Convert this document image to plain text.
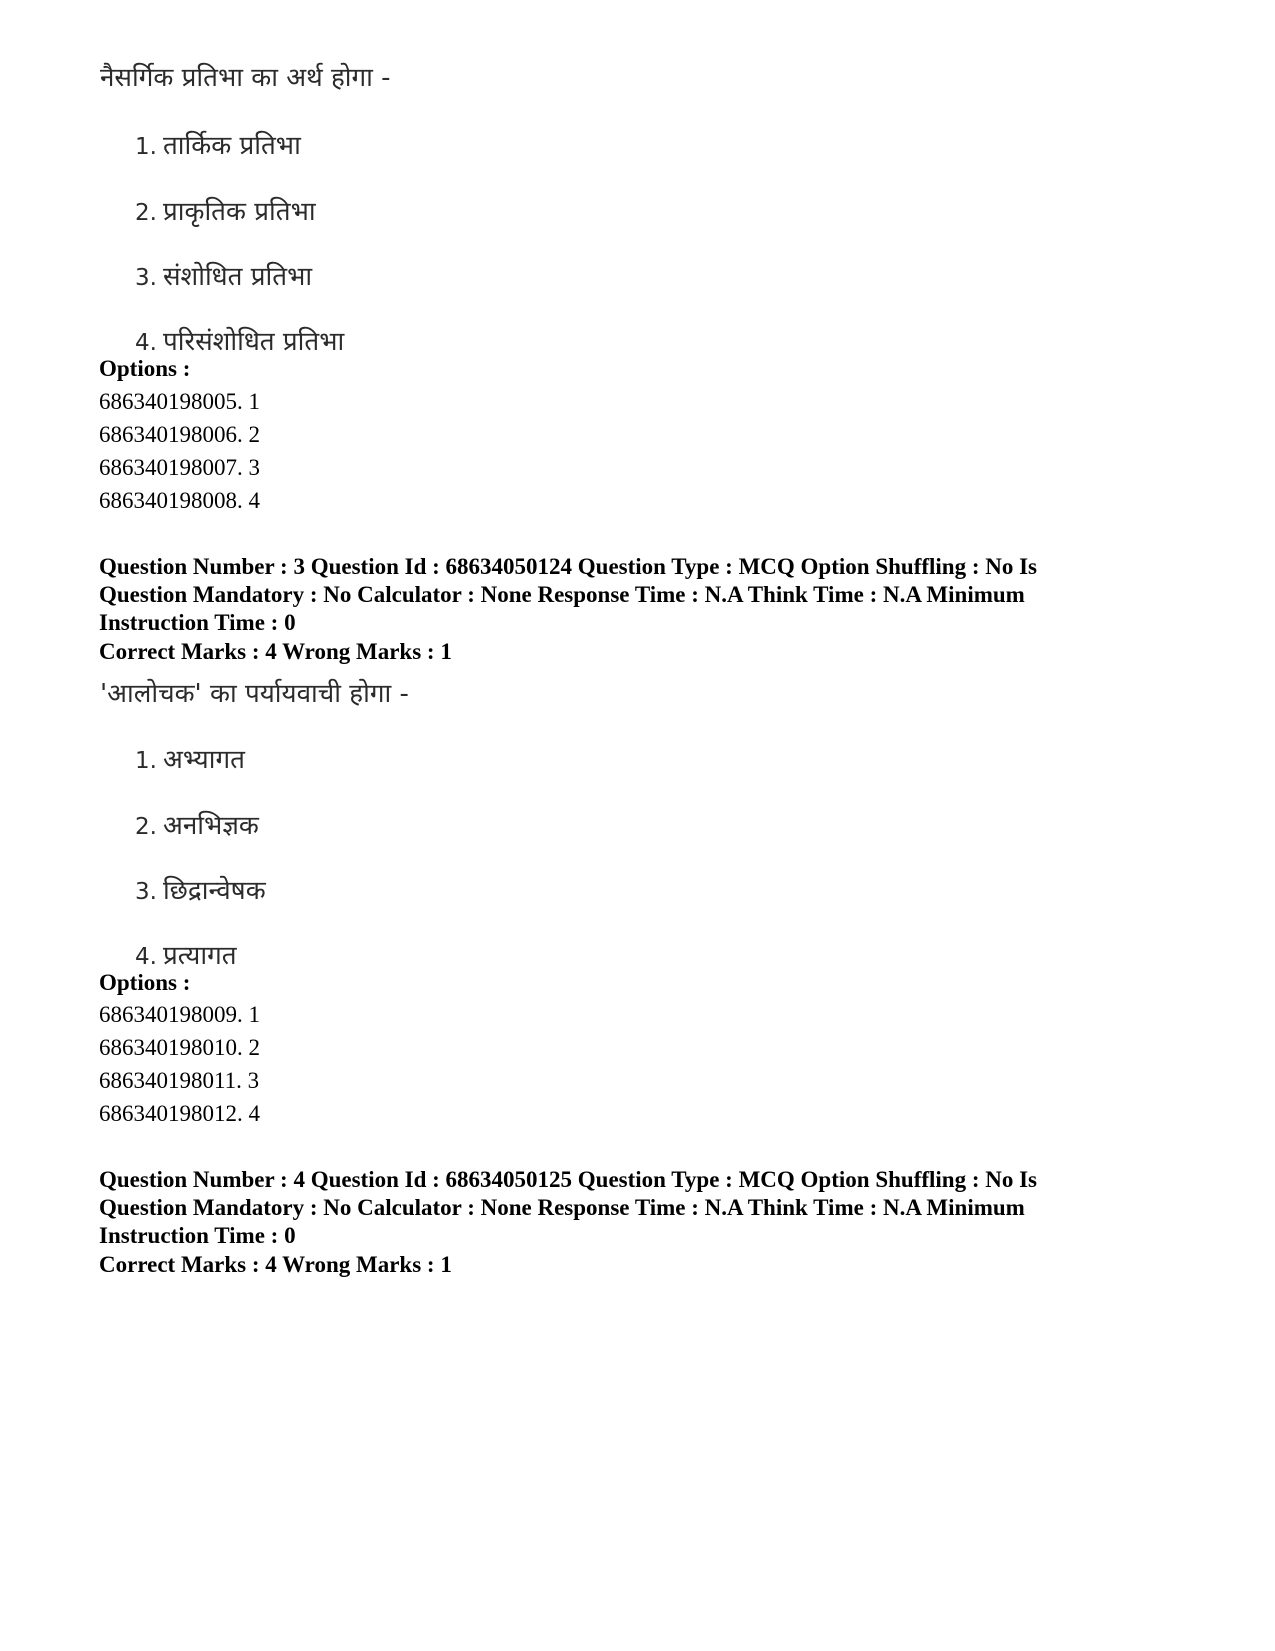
नैसर्गिक प्रतिभा का अर्थ होगा -
1. तार्किक प्रतिभा
2. प्राकृतिक प्रतिभा
3. संशोधित प्रतिभा
4. परिसंशोधित प्रतिभा
Options :
686340198005. 1
686340198006. 2
686340198007. 3
686340198008. 4
Question Number : 3 Question Id : 68634050124 Question Type : MCQ Option Shuffling : No Is
Question Mandatory : No Calculator : None Response Time : N.A Think Time : N.A Minimum
Instruction Time : 0
Correct Marks : 4 Wrong Marks : 1
'आलोचक' का पर्यायवाची होगा -
1. अभ्यागत
2. अनभिज्ञक
3. छिद्रान्वेषक
4. प्रत्यागत
Options :
686340198009. 1
686340198010. 2
686340198011. 3
686340198012. 4
Question Number : 4 Question Id : 68634050125 Question Type : MCQ Option Shuffling : No Is
Question Mandatory : No Calculator : None Response Time : N.A Think Time : N.A Minimum
Instruction Time : 0
Correct Marks : 4 Wrong Marks : 1
